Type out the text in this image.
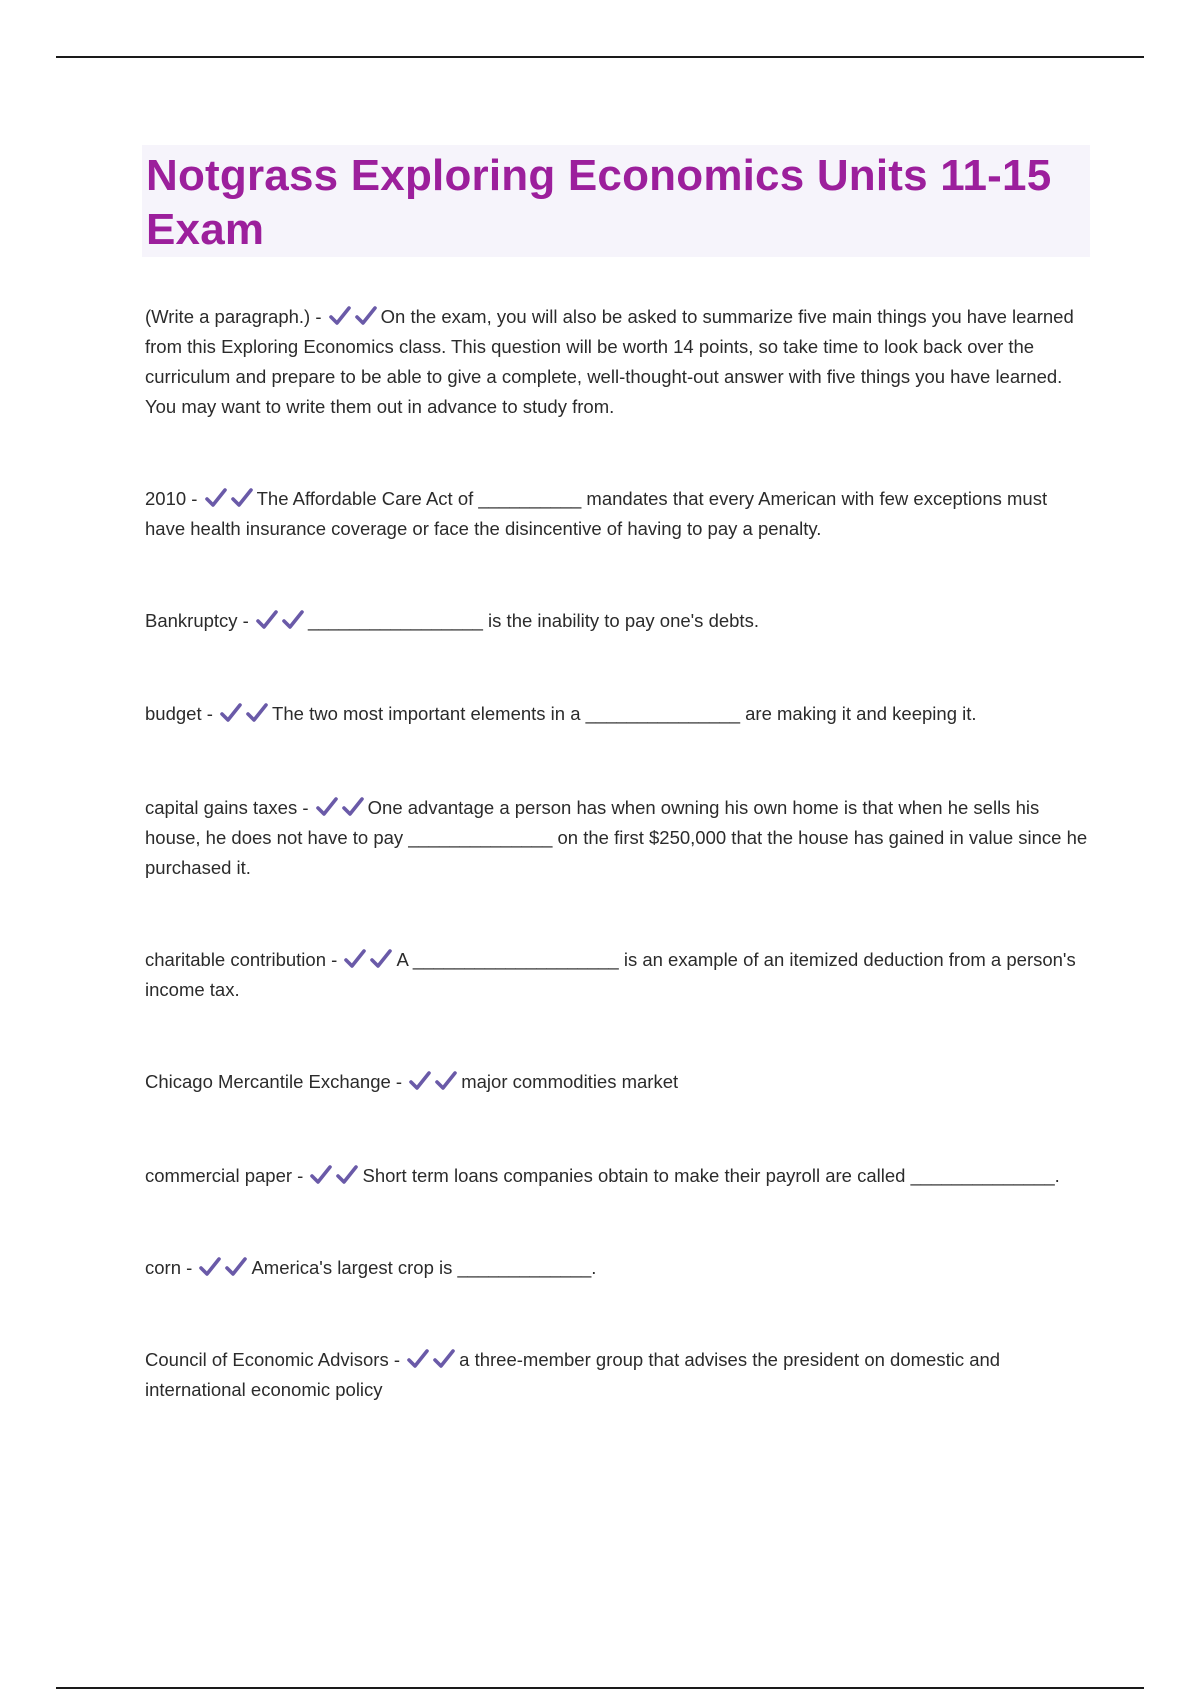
Notgrass Exploring Economics Units 11-15 Exam

(Write a paragraph.) -	On the exam, you will also be asked to summarize five main things you have learned from this Exploring Economics class. This question will be worth 14 points, so take time to look back over the curriculum and prepare to be able to give a complete, well-thought-out answer with five things you have learned. You may want to write them out in advance to study from.

2010 -	The Affordable Care Act of __________ mandates that every American with few exceptions must have health insurance coverage or face the disincentive of having to pay a penalty.

Bankruptcy -	_________________ is the inability to pay one's debts.

budget -	The two most important elements in a _______________ are making it and keeping it.

capital gains taxes -	One advantage a person has when owning his own home is that when he sells his house, he does not have to pay ______________ on the first $250,000 that the house has gained in value since he purchased it.

charitable contribution -	A ____________________ is an example of an itemized deduction from a person's income tax.

Chicago Mercantile Exchange -	major commodities market

commercial paper -	Short term loans companies obtain to make their payroll are called ______________.

corn -	America's largest crop is _____________.

Council of Economic Advisors -	a three-member group that advises the president on domestic and international economic policy
